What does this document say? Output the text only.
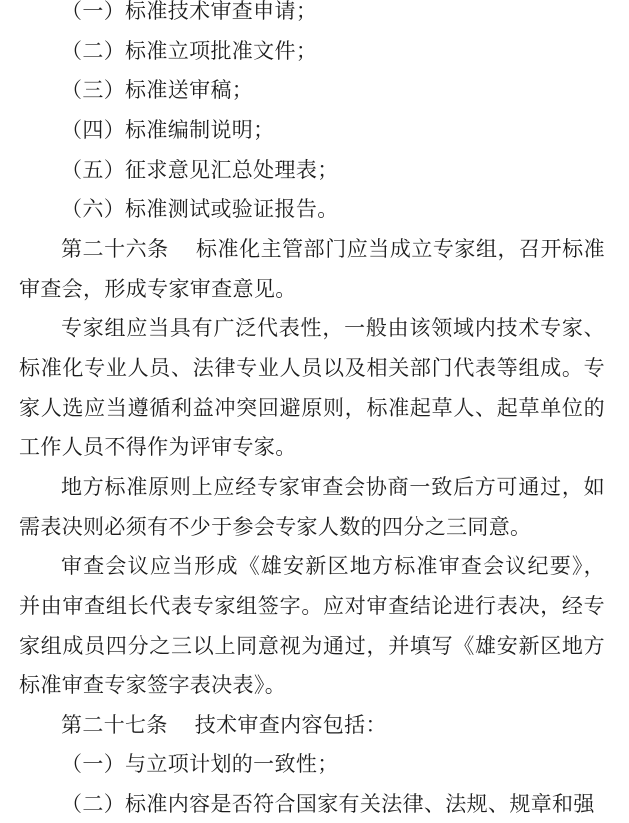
（一）标准技术审查申请；

（二）标准立项批准文件；

（三）标准送审稿；

（四）标准编制说明；

（五）征求意见汇总处理表；

（六）标准测试或验证报告。

第二十六条　 标准化主管部门应当成立专家组，召开标准审查会，形成专家审查意见。

专家组应当具有广泛代表性，一般由该领域内技术专家、标准化专业人员、法律专业人员以及相关部门代表等组成。专家人选应当遵循利益冲突回避原则，标准起草人、起草单位的工作人员不得作为评审专家。

地方标准原则上应经专家审查会协商一致后方可通过，如需表决则必须有不少于参会专家人数的四分之三同意。

审查会议应当形成《雄安新区地方标准审查会议纪要》，并由审查组长代表专家组签字。应对审查结论进行表决，经专家组成员四分之三以上同意视为通过，并填写《雄安新区地方标准审查专家签字表决表》。

第二十七条　 技术审查内容包括：

（一）与立项计划的一致性；

（二）标准内容是否符合国家有关法律、法规、规章和强
